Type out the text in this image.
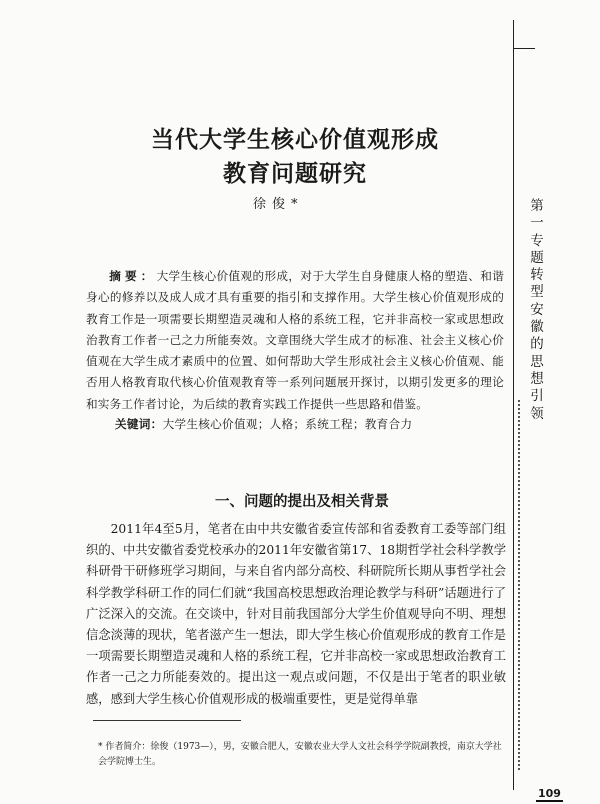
当代大学生核心价值观形成
教育问题研究
徐俊*

摘要：大学生核心价值观的形成，对于大学生自身健康人格的塑造、和谐身心的修养以及成人成才具有重要的指引和支撑作用。大学生核心价值观形成的教育工作是一项需要长期塑造灵魂和人格的系统工程，它并非高校一家或思想政治教育工作者一己之力所能奏效。文章围绕大学生成才的标准、社会主义核心价值观在大学生成才素质中的位置、如何帮助大学生形成社会主义核心价值观、能否用人格教育取代核心价值观教育等一系列问题展开探讨，以期引发更多的理论和实务工作者讨论，为后续的教育实践工作提供一些思路和借鉴。

关键词：大学生核心价值观；人格；系统工程；教育合力
一、问题的提出及相关背景

2011年4至5月，笔者在由中共安徽省委宣传部和省委教育工委等部门组织的、中共安徽省委党校承办的2011年安徽省第17、18期哲学社会科学教学科研骨干研修班学习期间，与来自省内部分高校、科研院所长期从事哲学社会科学教学科研工作的同仁们就“我国高校思想政治理论教学与科研”话题进行了广泛深入的交流。在交谈中，针对目前我国部分大学生价值观导向不明、理想信念淡薄的现状，笔者滋产生一想法，即大学生核心价值观形成的教育工作是一项需要长期塑造灵魂和人格的系统工程，它并非高校一家或思想政治教育工作者一己之力所能奏效的。提出这一观点或问题，不仅是出于笔者的职业敏感，感到大学生核心价值观形成的极端重要性，更是觉得单靠

* 作者简介：徐俊（1973—），男，安徽合肥人，安徽农业大学人文社会科学学院副教授，南京大学社会学院博士生。

第一专题 转型安徽的思想引领
109
